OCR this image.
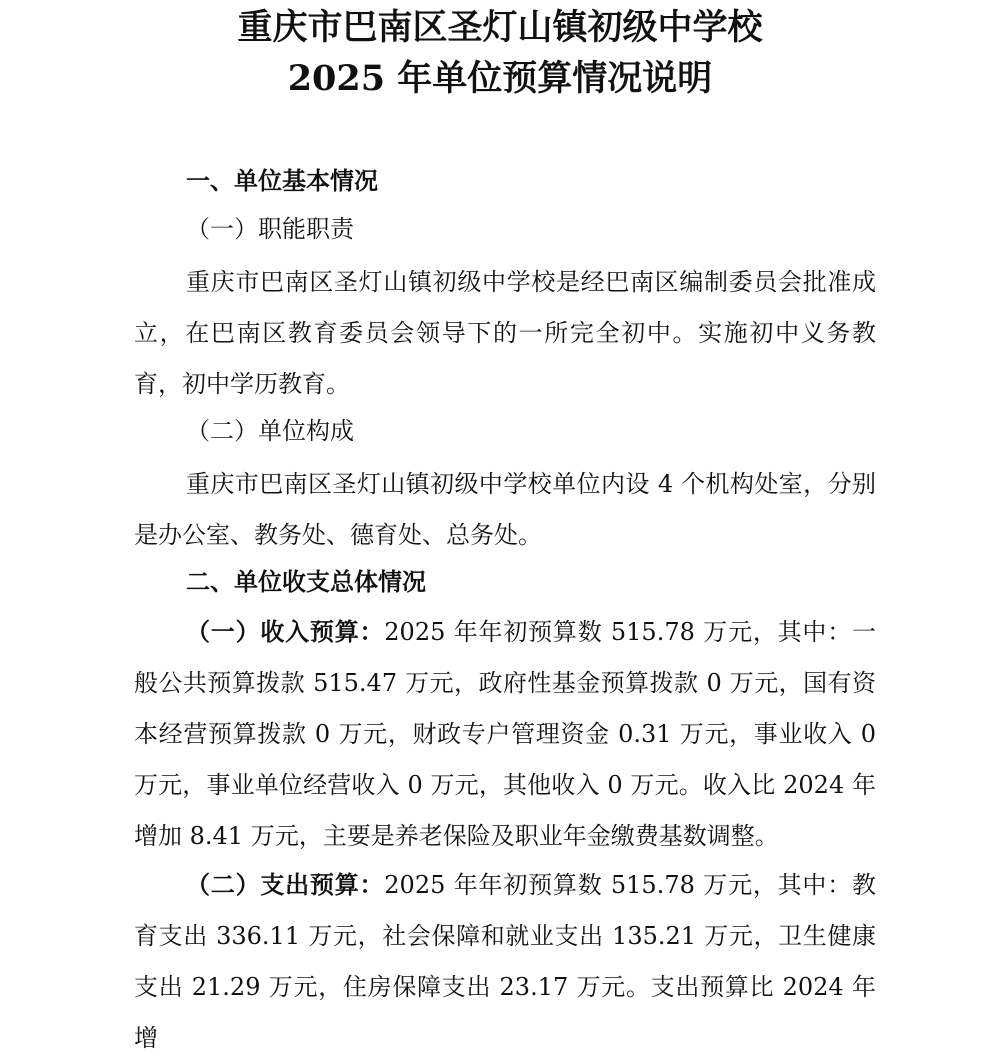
重庆市巴南区圣灯山镇初级中学校
2025 年单位预算情况说明
一、单位基本情况
（一）职能职责

重庆市巴南区圣灯山镇初级中学校是经巴南区编制委员会批准成立，在巴南区教育委员会领导下的一所完全初中。实施初中义务教育，初中学历教育。

（二）单位构成

重庆市巴南区圣灯山镇初级中学校单位内设 4 个机构处室，分别是办公室、教务处、德育处、总务处。

二、单位收支总体情况

（一）收入预算：2025 年年初预算数 515.78 万元，其中：一般公共预算拨款 515.47 万元，政府性基金预算拨款 0 万元，国有资本经营预算拨款 0 万元，财政专户管理资金 0.31 万元，事业收入 0 万元，事业单位经营收入 0 万元，其他收入 0 万元。收入比 2024 年增加 8.41 万元，主要是养老保险及职业年金缴费基数调整。

（二）支出预算：2025 年年初预算数 515.78 万元，其中：教育支出 336.11 万元，社会保障和就业支出 135.21 万元，卫生健康支出 21.29 万元，住房保障支出 23.17 万元。支出预算比 2024 年增
